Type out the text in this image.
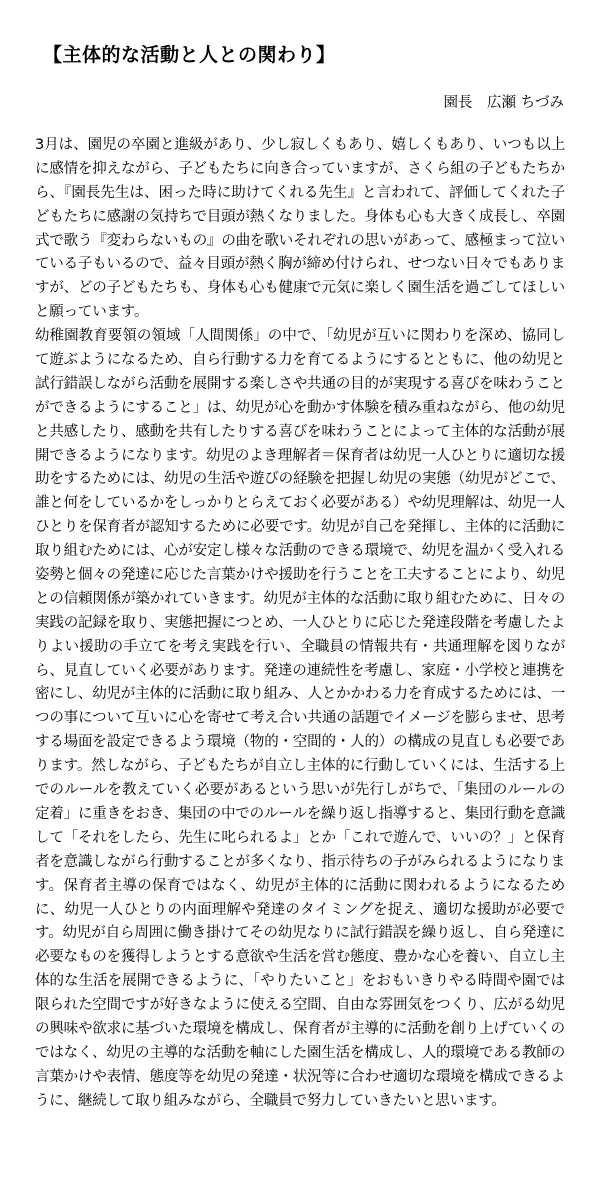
【主体的な活動と人との関わり】

園長　広瀬 ちづみ

3月は、園児の卒園と進級があり、少し寂しくもあり、嬉しくもあり、いつも以上
に感情を抑えながら、子どもたちに向き合っていますが、さくら組の子どもたちか
ら、『園長先生は、困った時に助けてくれる先生』と言われて、評価してくれた子
どもたちに感謝の気持ちで目頭が熱くなりました。身体も心も大きく成長し、卒園
式で歌う『変わらないもの』の曲を歌いそれぞれの思いがあって、感極まって泣い
ている子もいるので、益々目頭が熱く胸が締め付けられ、せつない日々でもありま
すが、どの子どもたちも、身体も心も健康で元気に楽しく園生活を過ごしてほしい
と願っています。
幼稚園教育要領の領域「人間関係」の中で、「幼児が互いに関わりを深め、協同し
て遊ぶようになるため、自ら行動する力を育てるようにするとともに、他の幼児と
試行錯誤しながら活動を展開する楽しさや共通の目的が実現する喜びを味わうこと
ができるようにすること」は、幼児が心を動かす体験を積み重ねながら、他の幼児
と共感したり、感動を共有したりする喜びを味わうことによって主体的な活動が展
開できるようになります。幼児のよき理解者＝保育者は幼児一人ひとりに適切な援
助をするためには、幼児の生活や遊びの経験を把握し幼児の実態（幼児がどこで、
誰と何をしているかをしっかりとらえておく必要がある）や幼児理解は、幼児一人
ひとりを保育者が認知するために必要です。幼児が自己を発揮し、主体的に活動に
取り組むためには、心が安定し様々な活動のできる環境で、幼児を温かく受入れる
姿勢と個々の発達に応じた言葉かけや援助を行うことを工夫することにより、幼児
との信頼関係が築かれていきます。幼児が主体的な活動に取り組むために、日々の
実践の記録を取り、実態把握につとめ、一人ひとりに応じた発達段階を考慮したよ
りよい援助の手立てを考え実践を行い、全職員の情報共有・共通理解を図りなが
ら、見直していく必要があります。発達の連続性を考慮し、家庭・小学校と連携を
密にし、幼児が主体的に活動に取り組み、人とかかわる力を育成するためには、一
つの事について互いに心を寄せて考え合い共通の話題でイメージを膨らませ、思考
する場面を設定できるよう環境（物的・空間的・人的）の構成の見直しも必要であ
ります。然しながら、子どもたちが自立し主体的に行動していくには、生活する上
でのルールを教えていく必要があるという思いが先行しがちで、「集団のルールの
定着」に重きをおき、集団の中でのルールを繰り返し指導すると、集団行動を意識
して「それをしたら、先生に叱られるよ」とか「これで遊んで、いいの？」と保育
者を意識しながら行動することが多くなり、指示待ちの子がみられるようになりま
す。保育者主導の保育ではなく、幼児が主体的に活動に関われるようになるため
に、幼児一人ひとりの内面理解や発達のタイミングを捉え、適切な援助が必要で
す。幼児が自ら周囲に働き掛けてその幼児なりに試行錯誤を繰り返し、自ら発達に
必要なものを獲得しようとする意欲や生活を営む態度、豊かな心を養い、自立し主
体的な生活を展開できるように、「やりたいこと」をおもいきりやる時間や園では
限られた空間ですが好きなように使える空間、自由な雰囲気をつくり、広がる幼児
の興味や欲求に基づいた環境を構成し、保育者が主導的に活動を創り上げていくの
ではなく、幼児の主導的な活動を軸にした園生活を構成し、人的環境である教師の
言葉かけや表情、態度等を幼児の発達・状況等に合わせ適切な環境を構成できるよ
うに、継続して取り組みながら、全職員で努力していきたいと思います。
